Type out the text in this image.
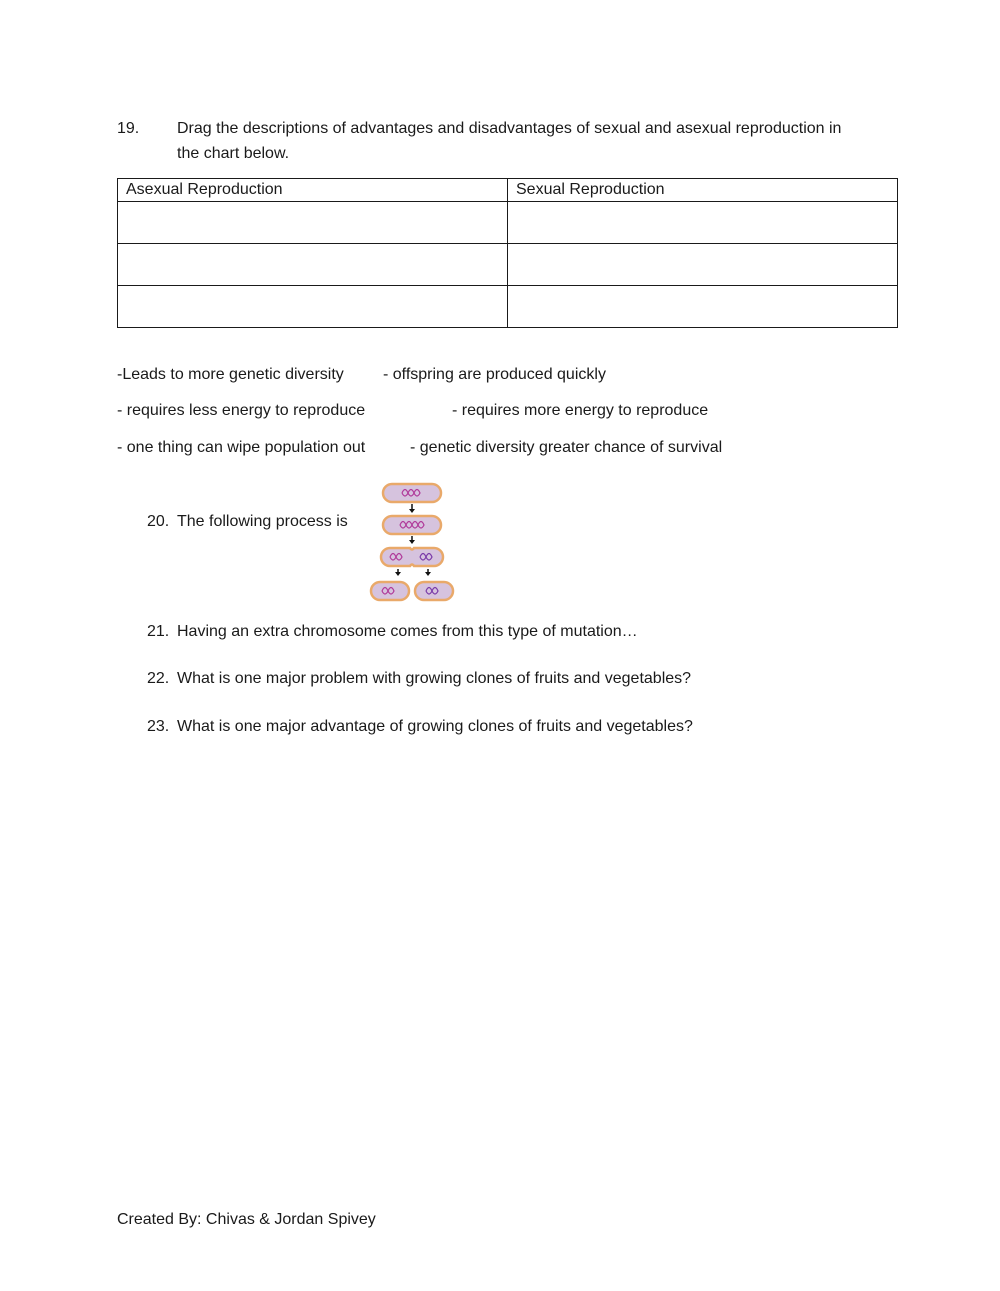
19. Drag the descriptions of advantages and disadvantages of sexual and asexual reproduction in the chart below.
Asexual Reproduction	Sexual Reproduction

-Leads to more genetic diversity - offspring are produced quickly
- requires less energy to reproduce	- requires more energy to reproduce
- one thing can wipe population out	- genetic diversity greater chance of survival
20. The following process is
21. Having an extra chromosome comes from this type of mutation…
22. What is one major problem with growing clones of fruits and vegetables?
23. What is one major advantage of growing clones of fruits and vegetables?
Created By: Chivas & Jordan Spivey
